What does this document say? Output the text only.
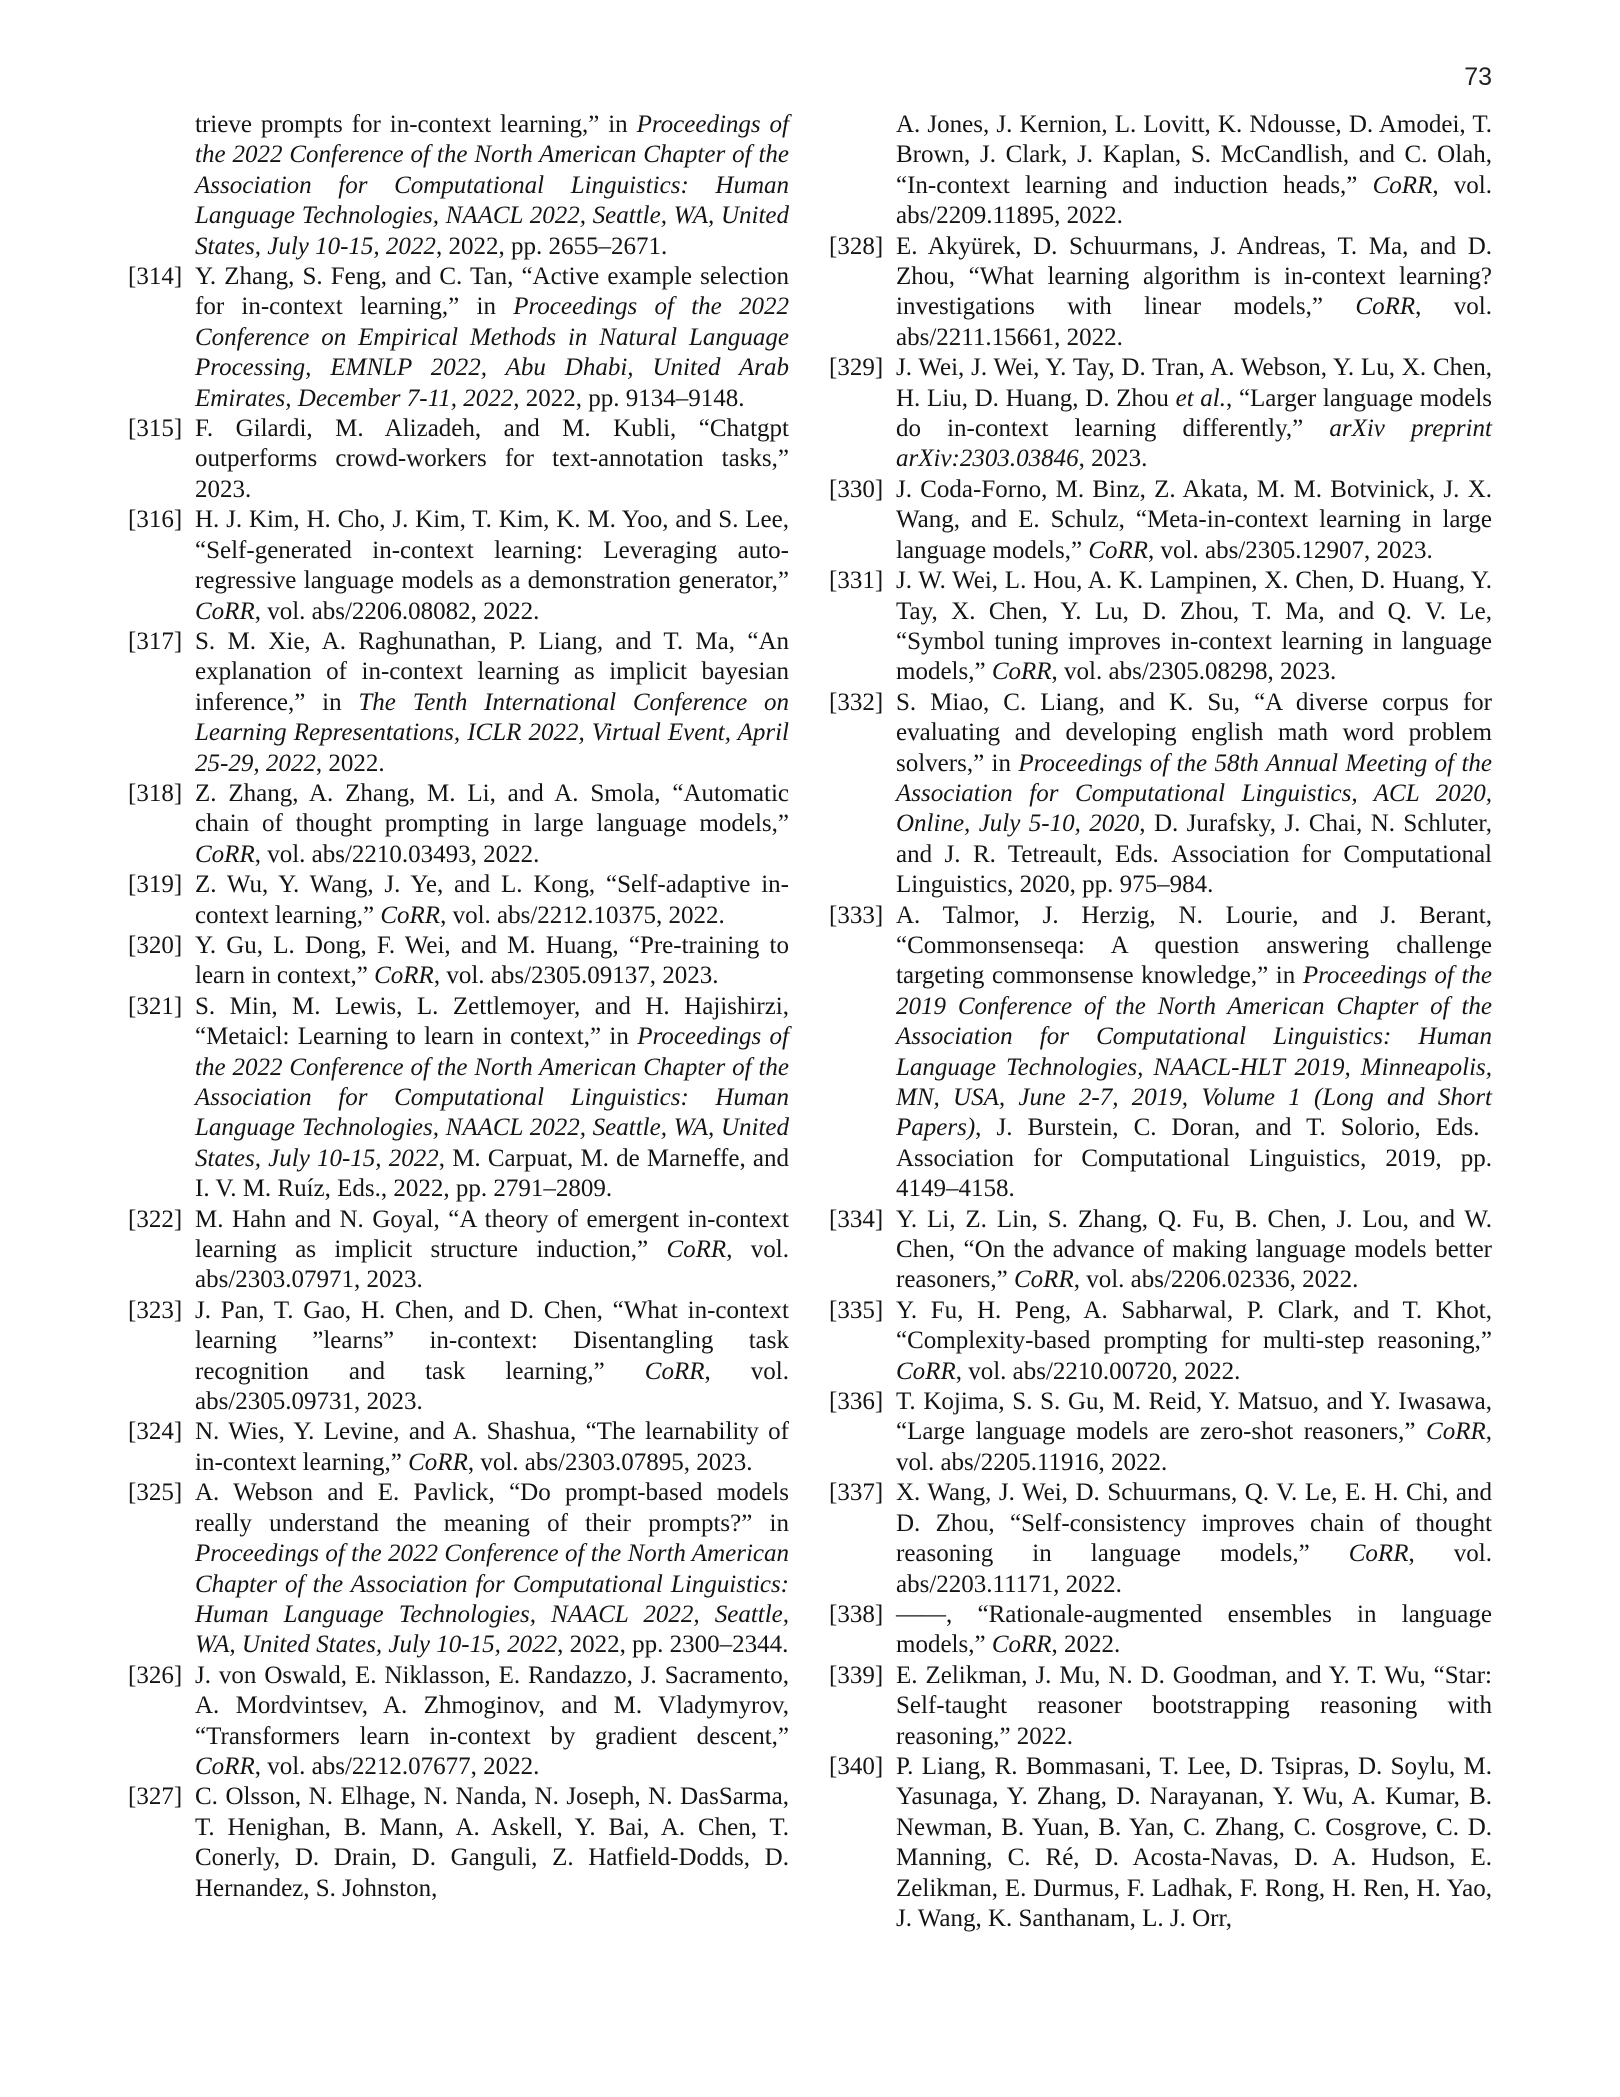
73

trieve prompts for in-context learning,” in Proceedings of the 2022 Conference of the North American Chapter of the Association for Computational Linguistics: Human Language Technologies, NAACL 2022, Seattle, WA, United States, July 10-15, 2022, 2022, pp. 2655–2671.

[314] Y. Zhang, S. Feng, and C. Tan, “Active example selection for in-context learning,” in Proceedings of the 2022 Conference on Empirical Methods in Natural Language Processing, EMNLP 2022, Abu Dhabi, United Arab Emirates, December 7-11, 2022, 2022, pp. 9134–9148.

[315] F. Gilardi, M. Alizadeh, and M. Kubli, “Chatgpt outperforms crowd-workers for text-annotation tasks,” 2023.

[316] H. J. Kim, H. Cho, J. Kim, T. Kim, K. M. Yoo, and S. Lee, “Self-generated in-context learning: Leveraging auto-regressive language models as a demonstration generator,” CoRR, vol. abs/2206.08082, 2022.

[317] S. M. Xie, A. Raghunathan, P. Liang, and T. Ma, “An explanation of in-context learning as implicit bayesian inference,” in The Tenth International Conference on Learning Representations, ICLR 2022, Virtual Event, April 25-29, 2022, 2022.

[318] Z. Zhang, A. Zhang, M. Li, and A. Smola, “Automatic chain of thought prompting in large language models,” CoRR, vol. abs/2210.03493, 2022.

[319] Z. Wu, Y. Wang, J. Ye, and L. Kong, “Self-adaptive in-context learning,” CoRR, vol. abs/2212.10375, 2022.

[320] Y. Gu, L. Dong, F. Wei, and M. Huang, “Pre-training to learn in context,” CoRR, vol. abs/2305.09137, 2023.

[321] S. Min, M. Lewis, L. Zettlemoyer, and H. Hajishirzi, “Metaicl: Learning to learn in context,” in Proceedings of the 2022 Conference of the North American Chapter of the Association for Computational Linguistics: Human Language Technologies, NAACL 2022, Seattle, WA, United States, July 10-15, 2022, M. Carpuat, M. de Marneffe, and I. V. M. Ruíz, Eds., 2022, pp. 2791–2809.

[322] M. Hahn and N. Goyal, “A theory of emergent in-context learning as implicit structure induction,” CoRR, vol. abs/2303.07971, 2023.

[323] J. Pan, T. Gao, H. Chen, and D. Chen, “What in-context learning ”learns” in-context: Disentangling task recognition and task learning,” CoRR, vol. abs/2305.09731, 2023.

[324] N. Wies, Y. Levine, and A. Shashua, “The learnability of in-context learning,” CoRR, vol. abs/2303.07895, 2023.

[325] A. Webson and E. Pavlick, “Do prompt-based models really understand the meaning of their prompts?” in Proceedings of the 2022 Conference of the North American Chapter of the Association for Computational Linguistics: Human Language Technologies, NAACL 2022, Seattle, WA, United States, July 10-15, 2022, 2022, pp. 2300–2344.

[326] J. von Oswald, E. Niklasson, E. Randazzo, J. Sacramento, A. Mordvintsev, A. Zhmoginov, and M. Vladymyrov, “Transformers learn in-context by gradient descent,” CoRR, vol. abs/2212.07677, 2022.

[327] C. Olsson, N. Elhage, N. Nanda, N. Joseph, N. DasSarma, T. Henighan, B. Mann, A. Askell, Y. Bai, A. Chen, T. Conerly, D. Drain, D. Ganguli, Z. Hatfield-Dodds, D. Hernandez, S. Johnston,

A. Jones, J. Kernion, L. Lovitt, K. Ndousse, D. Amodei, T. Brown, J. Clark, J. Kaplan, S. McCandlish, and C. Olah, “In-context learning and induction heads,” CoRR, vol. abs/2209.11895, 2022.

[328] E. Akyürek, D. Schuurmans, J. Andreas, T. Ma, and D. Zhou, “What learning algorithm is in-context learning? investigations with linear models,” CoRR, vol. abs/2211.15661, 2022.

[329] J. Wei, J. Wei, Y. Tay, D. Tran, A. Webson, Y. Lu, X. Chen, H. Liu, D. Huang, D. Zhou et al., “Larger language models do in-context learning differently,” arXiv preprint arXiv:2303.03846, 2023.

[330] J. Coda-Forno, M. Binz, Z. Akata, M. M. Botvinick, J. X. Wang, and E. Schulz, “Meta-in-context learning in large language models,” CoRR, vol. abs/2305.12907, 2023.

[331] J. W. Wei, L. Hou, A. K. Lampinen, X. Chen, D. Huang, Y. Tay, X. Chen, Y. Lu, D. Zhou, T. Ma, and Q. V. Le, “Symbol tuning improves in-context learning in language models,” CoRR, vol. abs/2305.08298, 2023.

[332] S. Miao, C. Liang, and K. Su, “A diverse corpus for evaluating and developing english math word problem solvers,” in Proceedings of the 58th Annual Meeting of the Association for Computational Linguistics, ACL 2020, Online, July 5-10, 2020, D. Jurafsky, J. Chai, N. Schluter, and J. R. Tetreault, Eds. Association for Computational Linguistics, 2020, pp. 975–984.

[333] A. Talmor, J. Herzig, N. Lourie, and J. Berant, “Commonsenseqa: A question answering challenge targeting commonsense knowledge,” in Proceedings of the 2019 Conference of the North American Chapter of the Association for Computational Linguistics: Human Language Technologies, NAACL-HLT 2019, Minneapolis, MN, USA, June 2-7, 2019, Volume 1 (Long and Short Papers), J. Burstein, C. Doran, and T. Solorio, Eds. Association for Computational Linguistics, 2019, pp. 4149–4158.

[334] Y. Li, Z. Lin, S. Zhang, Q. Fu, B. Chen, J. Lou, and W. Chen, “On the advance of making language models better reasoners,” CoRR, vol. abs/2206.02336, 2022.

[335] Y. Fu, H. Peng, A. Sabharwal, P. Clark, and T. Khot, “Complexity-based prompting for multi-step reasoning,” CoRR, vol. abs/2210.00720, 2022.

[336] T. Kojima, S. S. Gu, M. Reid, Y. Matsuo, and Y. Iwasawa, “Large language models are zero-shot reasoners,” CoRR, vol. abs/2205.11916, 2022.

[337] X. Wang, J. Wei, D. Schuurmans, Q. V. Le, E. H. Chi, and D. Zhou, “Self-consistency improves chain of thought reasoning in language models,” CoRR, vol. abs/2203.11171, 2022.

[338] ——, “Rationale-augmented ensembles in language models,” CoRR, 2022.

[339] E. Zelikman, J. Mu, N. D. Goodman, and Y. T. Wu, “Star: Self-taught reasoner bootstrapping reasoning with reasoning,” 2022.

[340] P. Liang, R. Bommasani, T. Lee, D. Tsipras, D. Soylu, M. Yasunaga, Y. Zhang, D. Narayanan, Y. Wu, A. Kumar, B. Newman, B. Yuan, B. Yan, C. Zhang, C. Cosgrove, C. D. Manning, C. Ré, D. Acosta-Navas, D. A. Hudson, E. Zelikman, E. Durmus, F. Ladhak, F. Rong, H. Ren, H. Yao, J. Wang, K. Santhanam, L. J. Orr,
